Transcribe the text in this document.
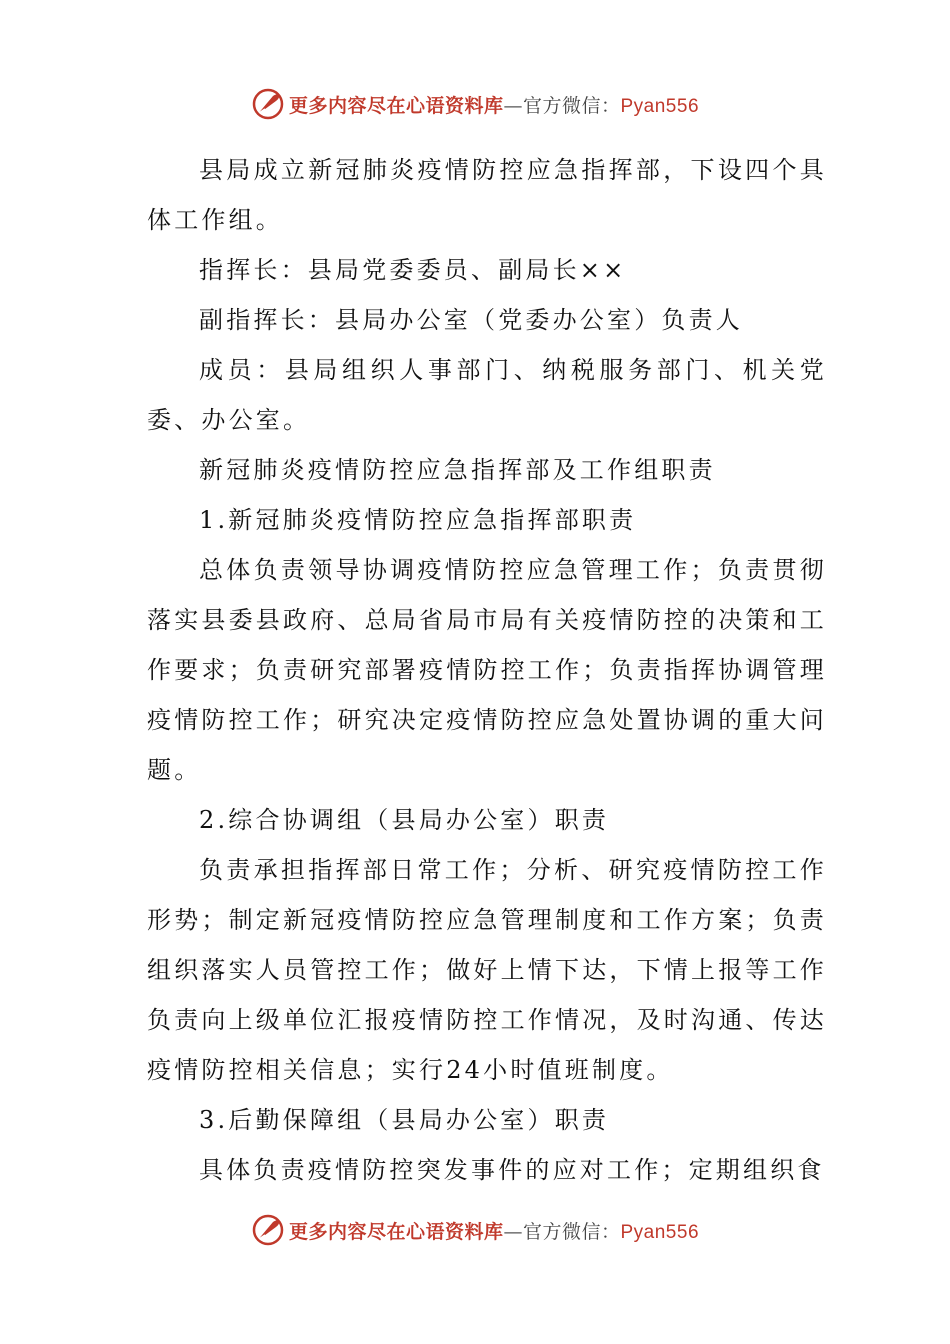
更多内容尽在心语资料库—官方微信：Pyan556

县局成立新冠肺炎疫情防控应急指挥部，下设四个具体工作组。

指挥长：县局党委委员、副局长××

副指挥长：县局办公室（党委办公室）负责人

成员：县局组织人事部门、纳税服务部门、机关党委、办公室。

新冠肺炎疫情防控应急指挥部及工作组职责

1.新冠肺炎疫情防控应急指挥部职责

总体负责领导协调疫情防控应急管理工作；负责贯彻落实县委县政府、总局省局市局有关疫情防控的决策和工作要求；负责研究部署疫情防控工作；负责指挥协调管理疫情防控工作；研究决定疫情防控应急处置协调的重大问题。

2.综合协调组（县局办公室）职责

负责承担指挥部日常工作；分析、研究疫情防控工作形势；制定新冠疫情防控应急管理制度和工作方案；负责组织落实人员管控工作；做好上情下达，下情上报等工作负责向上级单位汇报疫情防控工作情况，及时沟通、传达疫情防控相关信息；实行24小时值班制度。

3.后勤保障组（县局办公室）职责

具体负责疫情防控突发事件的应对工作；定期组织食

更多内容尽在心语资料库—官方微信：Pyan556
